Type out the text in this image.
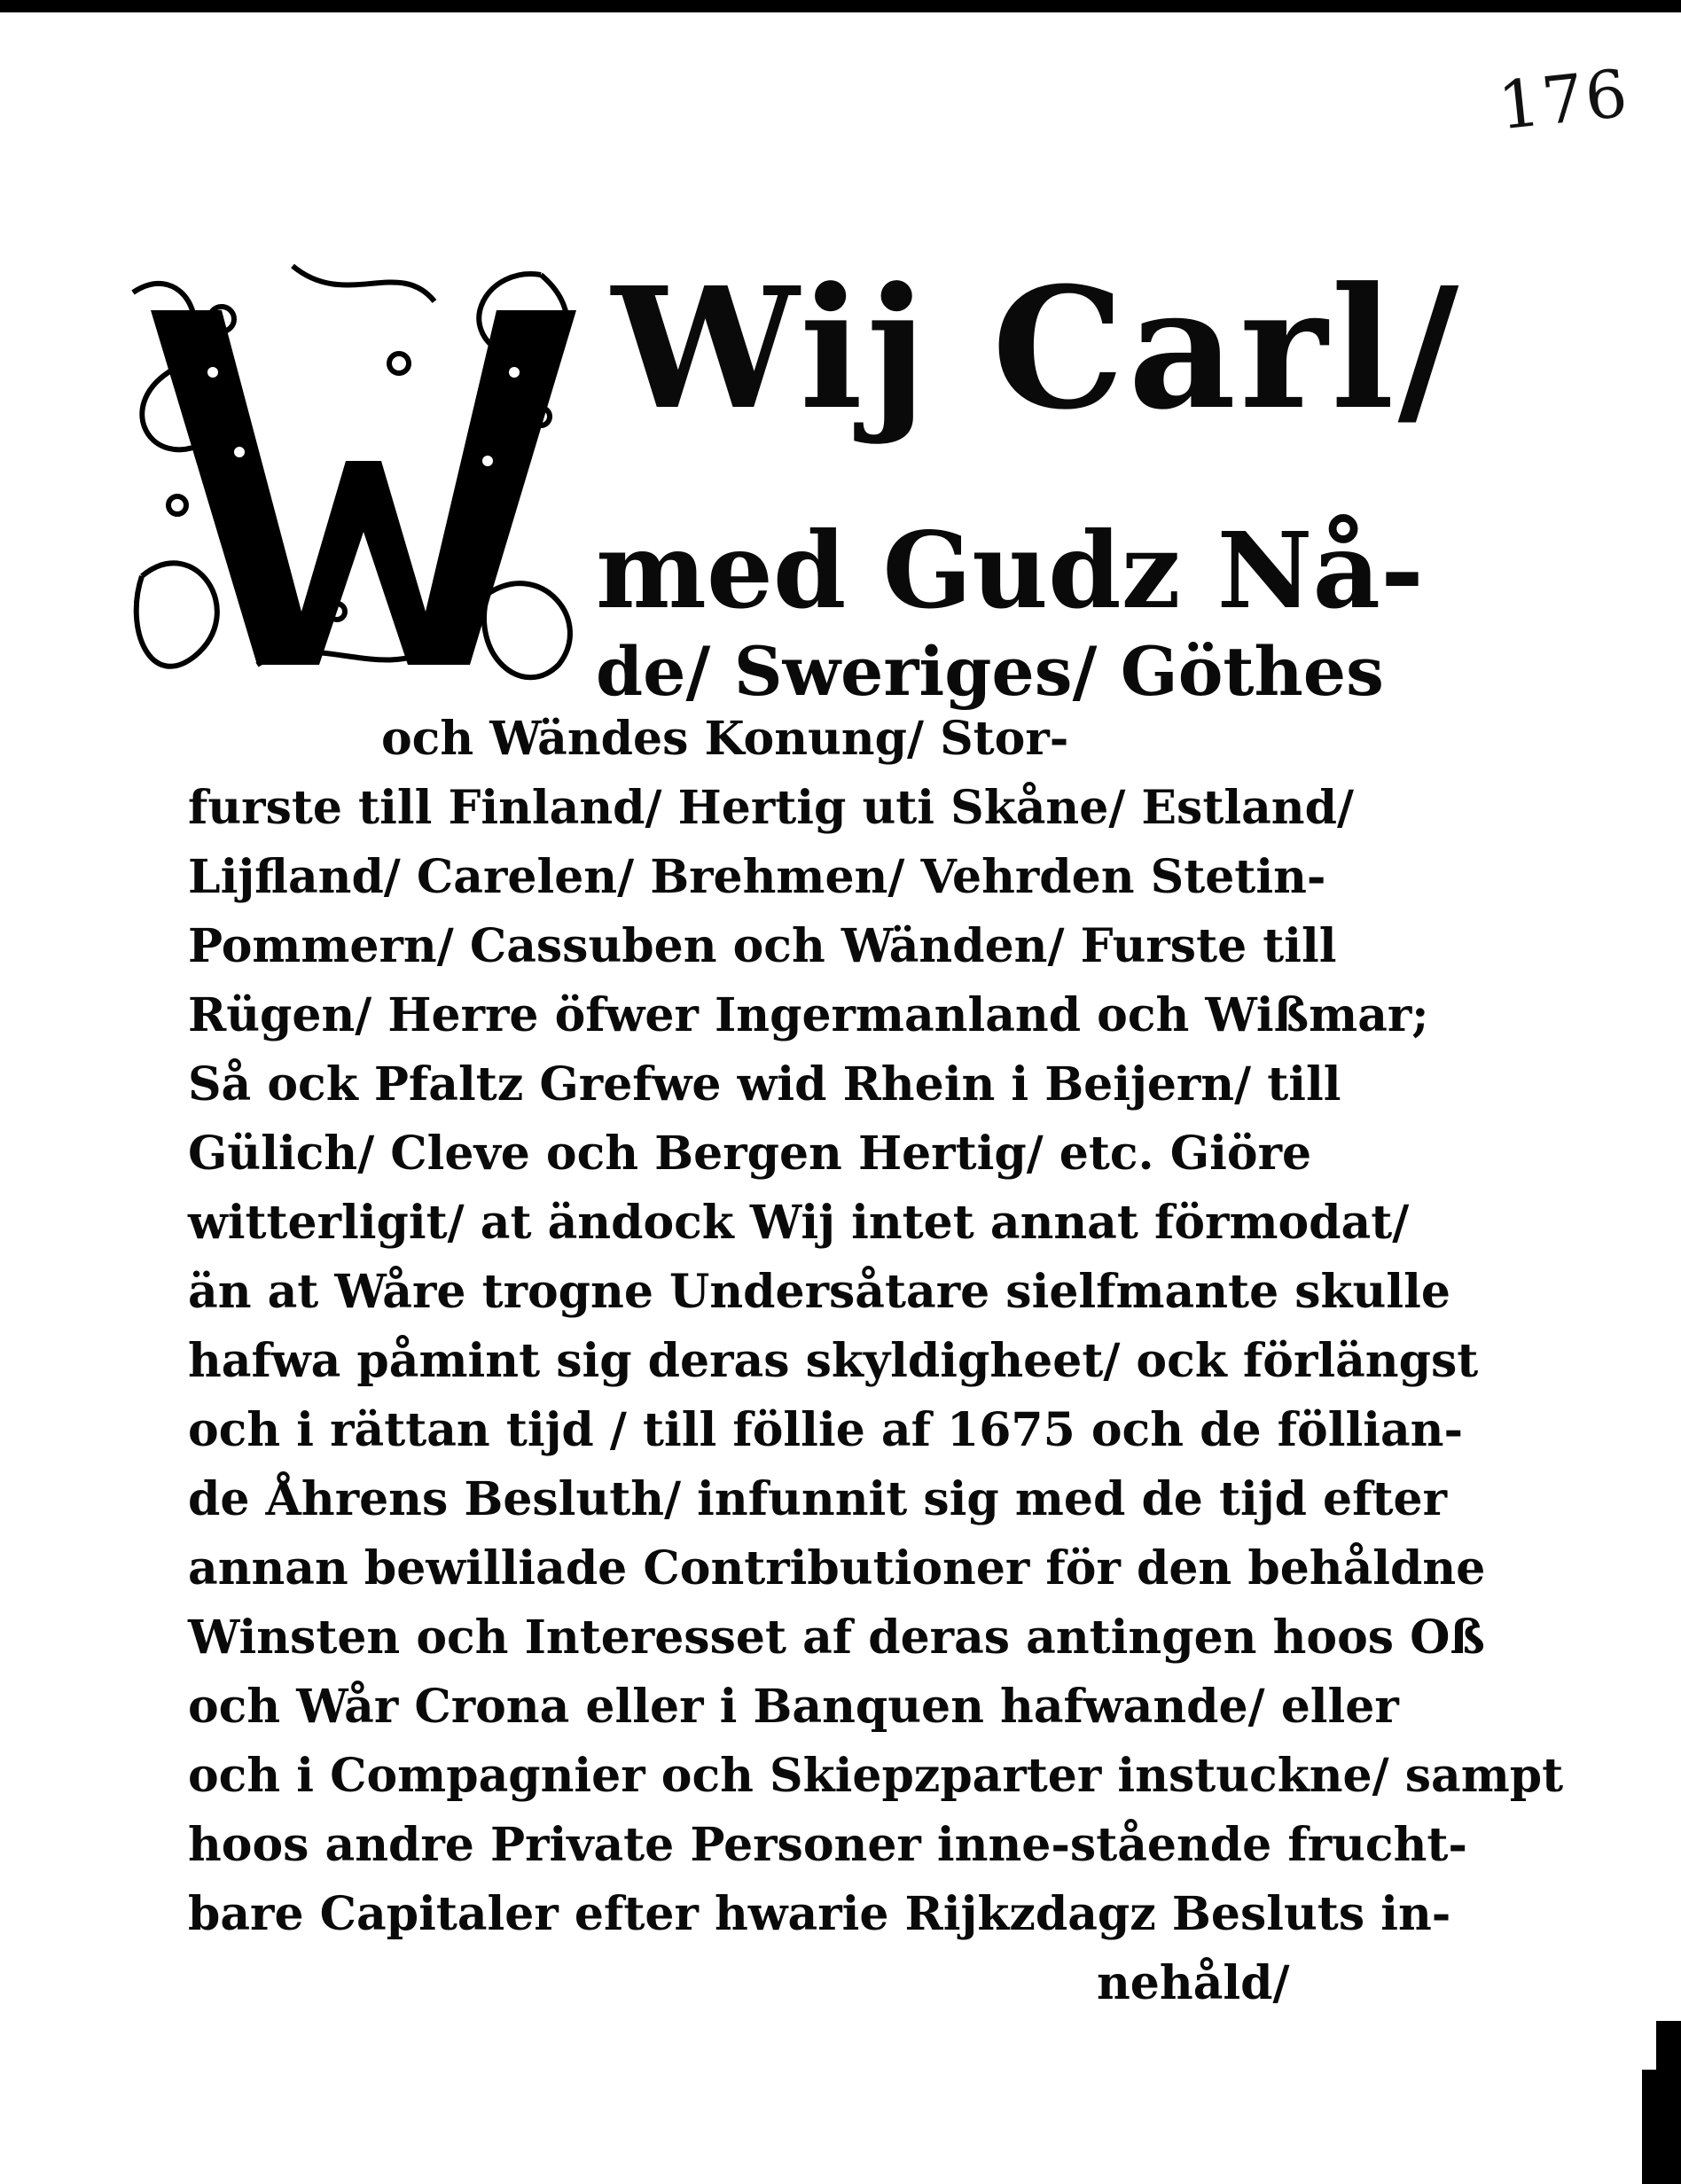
176
Wij Carl/
med Gudz Nå-
de/ Sweriges/ Göthes
och Wändes Konung/ Stor-
furste till Finland/ Hertig uti Skåne/ Estland/
Lijfland/ Carelen/ Brehmen/ Vehrden Stetin-
Pommern/ Cassuben och Wänden/ Furste till
Rügen/ Herre öfwer Ingermanland och Wißmar;
Så ock Pfaltz Grefwe wid Rhein i Beijern/ till
Gülich/ Cleve och Bergen Hertig/ etc. Giöre
witterligit/ at ändock Wij intet annat förmodat/
än at Wåre trogne Undersåtare sielfmante skulle
hafwa påmint sig deras skyldigheet/ ock förlängst
och i rättan tijd / till föllie af 1675 och de föllian-
de Åhrens Besluth/ infunnit sig med de tijd efter
annan bewilliade Contributioner för den behåldne
Winsten och Interesset af deras antingen hoos Oß
och Wår Crona eller i Banquen hafwande/ eller
och i Compagnier och Skiepzparter instuckne/ sampt
hoos andre Private Personer inne-stående frucht-
bare Capitaler efter hwarie Rijkzdagz Besluts in-
nehåld/
